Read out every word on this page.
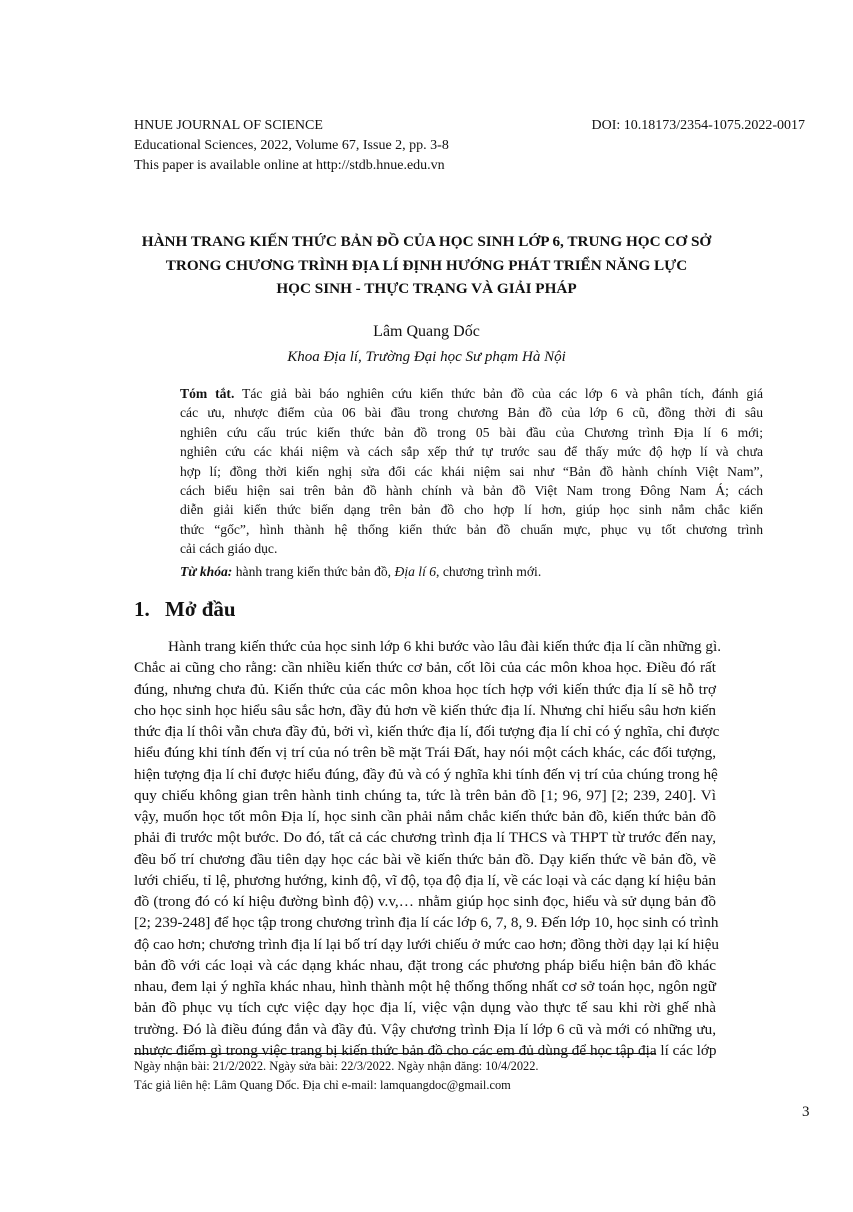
HNUE JOURNAL OF SCIENCE
Educational Sciences, 2022, Volume 67, Issue 2, pp. 3-8
This paper is available online at http://stdb.hnue.edu.vn
DOI: 10.18173/2354-1075.2022-0017
HÀNH TRANG KIẾN THỨC BẢN ĐỒ CỦA HỌC SINH LỚP 6, TRUNG HỌC CƠ SỞ
TRONG CHƯƠNG TRÌNH ĐỊA LÍ ĐỊNH HƯỚNG PHÁT TRIỂN NĂNG LỰC
HỌC SINH - THỰC TRẠNG VÀ GIẢI PHÁP
Lâm Quang Dốc
Khoa Địa lí, Trường Đại học Sư phạm Hà Nội
Tóm tắt. Tác giả bài báo nghiên cứu kiến thức bản đồ của các lớp 6 và phân tích, đánh giá
các ưu, nhược điểm của 06 bài đầu trong chương Bản đồ của lớp 6 cũ, đồng thời đi sâu
nghiên cứu cấu trúc kiến thức bản đồ trong 05 bài đầu của Chương trình Địa lí 6 mới;
nghiên cứu các khái niệm và cách sắp xếp thứ tự trước sau để thấy mức độ hợp lí và chưa
hợp lí; đồng thời kiến nghị sửa đổi các khái niệm sai như “Bản đồ hành chính Việt Nam”,
cách biểu hiện sai trên bản đồ hành chính và bản đồ Việt Nam trong Đông Nam Á; cách
diễn giải kiến thức biến dạng trên bản đồ cho hợp lí hơn, giúp học sinh nắm chắc kiến
thức “gốc”, hình thành hệ thống kiến thức bản đồ chuẩn mực, phục vụ tốt chương trình
cải cách giáo dục.
Từ khóa: hành trang kiến thức bản đồ, Địa lí 6, chương trình mới.
1. Mở đầu
Hành trang kiến thức của học sinh lớp 6 khi bước vào lâu đài kiến thức địa lí cần những gì.
Chắc ai cũng cho rằng: cần nhiều kiến thức cơ bản, cốt lõi của các môn khoa học. Điều đó rất
đúng, nhưng chưa đủ. Kiến thức của các môn khoa học tích hợp với kiến thức địa lí sẽ hỗ trợ
cho học sinh học hiểu sâu sắc hơn, đầy đủ hơn về kiến thức địa lí. Nhưng chỉ hiểu sâu hơn kiến
thức địa lí thôi vẫn chưa đầy đủ, bởi vì, kiến thức địa lí, đối tượng địa lí chỉ có ý nghĩa, chỉ được
hiểu đúng khi tính đến vị trí của nó trên bề mặt Trái Đất, hay nói một cách khác, các đối tượng,
hiện tượng địa lí chỉ được hiểu đúng, đầy đủ và có ý nghĩa khi tính đến vị trí của chúng trong hệ
quy chiếu không gian trên hành tinh chúng ta, tức là trên bản đồ [1; 96, 97] [2; 239, 240]. Vì
vậy, muốn học tốt môn Địa lí, học sinh cần phải nắm chắc kiến thức bản đồ, kiến thức bản đồ
phải đi trước một bước. Do đó, tất cả các chương trình địa lí THCS và THPT từ trước đến nay,
đều bố trí chương đầu tiên dạy học các bài về kiến thức bản đồ. Dạy kiến thức về bản đồ, về
lưới chiếu, tỉ lệ, phương hướng, kinh độ, vĩ độ, tọa độ địa lí, về các loại và các dạng kí hiệu bản
đồ (trong đó có kí hiệu đường bình độ) v.v,… nhằm giúp học sinh đọc, hiểu và sử dụng bản đồ
[2; 239-248] để học tập trong chương trình địa lí các lớp 6, 7, 8, 9. Đến lớp 10, học sinh có trình
độ cao hơn; chương trình địa lí lại bố trí dạy lưới chiếu ở mức cao hơn; đồng thời dạy lại kí hiệu
bản đồ với các loại và các dạng khác nhau, đặt trong các phương pháp biểu hiện bản đồ khác
nhau, đem lại ý nghĩa khác nhau, hình thành một hệ thống thống nhất cơ sở toán học, ngôn ngữ
bản đồ phục vụ tích cực việc dạy học địa lí, việc vận dụng vào thực tế sau khi rời ghế nhà
trường. Đó là điều đúng đắn và đầy đủ. Vậy chương trình Địa lí lớp 6 cũ và mới có những ưu,
nhược điểm gì trong việc trang bị kiến thức bản đồ cho các em đủ dùng để học tập địa lí các lớp
Ngày nhận bài: 21/2/2022. Ngày sửa bài: 22/3/2022. Ngày nhận đăng: 10/4/2022.
Tác giả liên hệ: Lâm Quang Dốc. Địa chỉ e-mail: lamquangdoc@gmail.com
3
